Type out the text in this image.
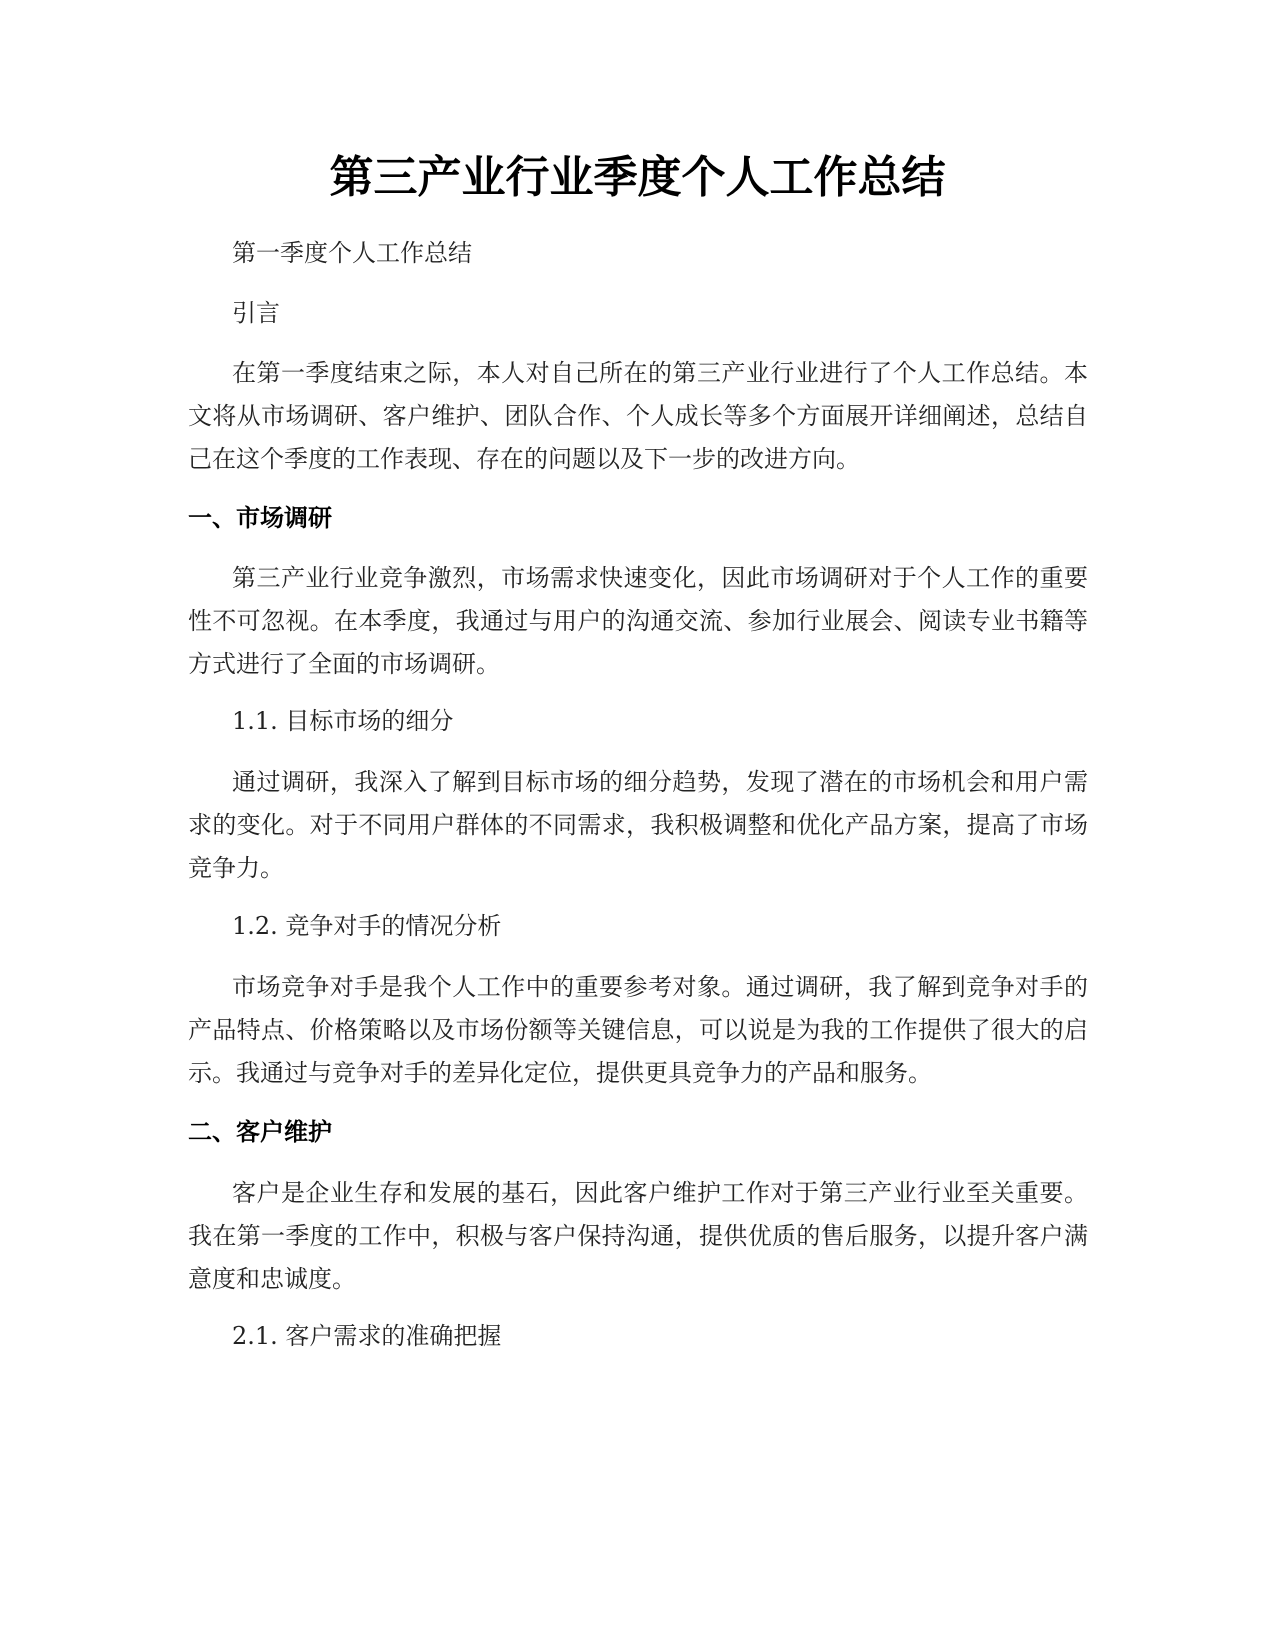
第三产业行业季度个人工作总结

第一季度个人工作总结

引言

在第一季度结束之际，本人对自己所在的第三产业行业进行了个人工作总结。本文将从市场调研、客户维护、团队合作、个人成长等多个方面展开详细阐述，总结自己在这个季度的工作表现、存在的问题以及下一步的改进方向。

一、市场调研

第三产业行业竞争激烈，市场需求快速变化，因此市场调研对于个人工作的重要性不可忽视。在本季度，我通过与用户的沟通交流、参加行业展会、阅读专业书籍等方式进行了全面的市场调研。

1.1. 目标市场的细分

通过调研，我深入了解到目标市场的细分趋势，发现了潜在的市场机会和用户需求的变化。对于不同用户群体的不同需求，我积极调整和优化产品方案，提高了市场竞争力。

1.2. 竞争对手的情况分析

市场竞争对手是我个人工作中的重要参考对象。通过调研，我了解到竞争对手的产品特点、价格策略以及市场份额等关键信息，可以说是为我的工作提供了很大的启示。我通过与竞争对手的差异化定位，提供更具竞争力的产品和服务。

二、客户维护

客户是企业生存和发展的基石，因此客户维护工作对于第三产业行业至关重要。我在第一季度的工作中，积极与客户保持沟通，提供优质的售后服务，以提升客户满意度和忠诚度。

2.1. 客户需求的准确把握
